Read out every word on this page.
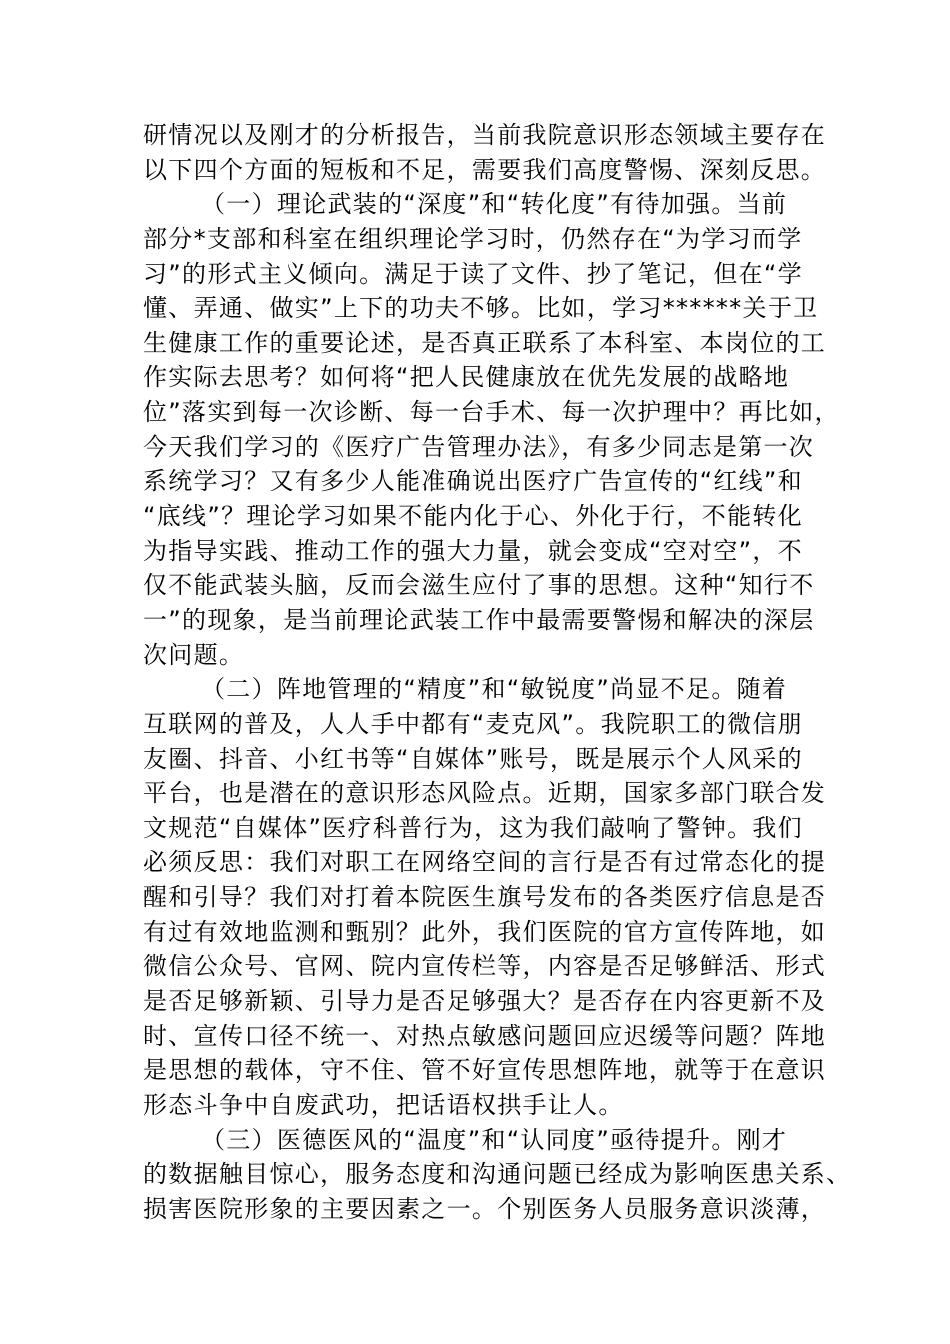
研情况以及刚才的分析报告，当前我院意识形态领域主要存在
以下四个方面的短板和不足，需要我们高度警惕、深刻反思。
（一）理论武装的“深度”和“转化度”有待加强。当前
部分*支部和科室在组织理论学习时，仍然存在“为学习而学
习”的形式主义倾向。满足于读了文件、抄了笔记，但在“学
懂、弄通、做实”上下的功夫不够。比如，学习******关于卫
生健康工作的重要论述，是否真正联系了本科室、本岗位的工
作实际去思考？如何将“把人民健康放在优先发展的战略地
位”落实到每一次诊断、每一台手术、每一次护理中？再比如，
今天我们学习的《医疗广告管理办法》，有多少同志是第一次
系统学习？又有多少人能准确说出医疗广告宣传的“红线”和
“底线”？理论学习如果不能内化于心、外化于行，不能转化
为指导实践、推动工作的强大力量，就会变成“空对空”，不
仅不能武装头脑，反而会滋生应付了事的思想。这种“知行不
一”的现象，是当前理论武装工作中最需要警惕和解决的深层
次问题。
（二）阵地管理的“精度”和“敏锐度”尚显不足。随着
互联网的普及，人人手中都有“麦克风”。我院职工的微信朋
友圈、抖音、小红书等“自媒体”账号，既是展示个人风采的
平台，也是潜在的意识形态风险点。近期，国家多部门联合发
文规范“自媒体”医疗科普行为，这为我们敲响了警钟。我们
必须反思：我们对职工在网络空间的言行是否有过常态化的提
醒和引导？我们对打着本院医生旗号发布的各类医疗信息是否
有过有效地监测和甄别？此外，我们医院的官方宣传阵地，如
微信公众号、官网、院内宣传栏等，内容是否足够鲜活、形式
是否足够新颖、引导力是否足够强大？是否存在内容更新不及
时、宣传口径不统一、对热点敏感问题回应迟缓等问题？阵地
是思想的载体，守不住、管不好宣传思想阵地，就等于在意识
形态斗争中自废武功，把话语权拱手让人。
（三）医德医风的“温度”和“认同度”亟待提升。刚才
的数据触目惊心，服务态度和沟通问题已经成为影响医患关系、
损害医院形象的主要因素之一。个别医务人员服务意识淡薄，
